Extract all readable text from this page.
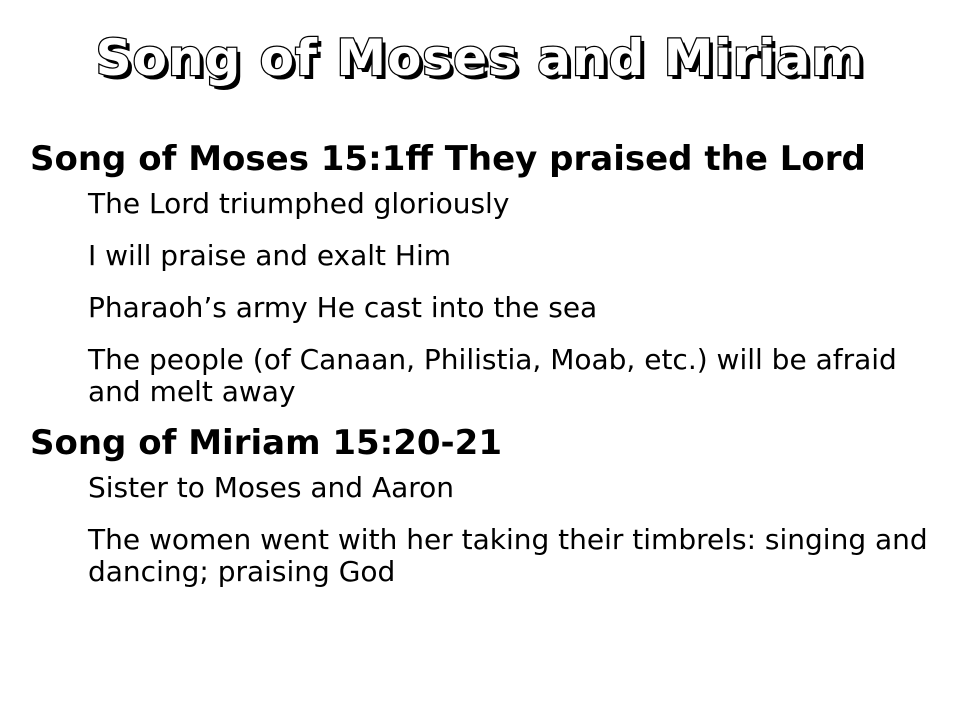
Song of Moses and Miriam
Song of Moses 15:1ff They praised the Lord
The Lord triumphed gloriously
I will praise and exalt Him
Pharaoh’s army He cast into the sea
The people (of Canaan, Philistia, Moab, etc.) will be afraid and melt away
Song of Miriam 15:20-21
Sister to Moses and Aaron
The women went with her taking their timbrels: singing and dancing; praising God
